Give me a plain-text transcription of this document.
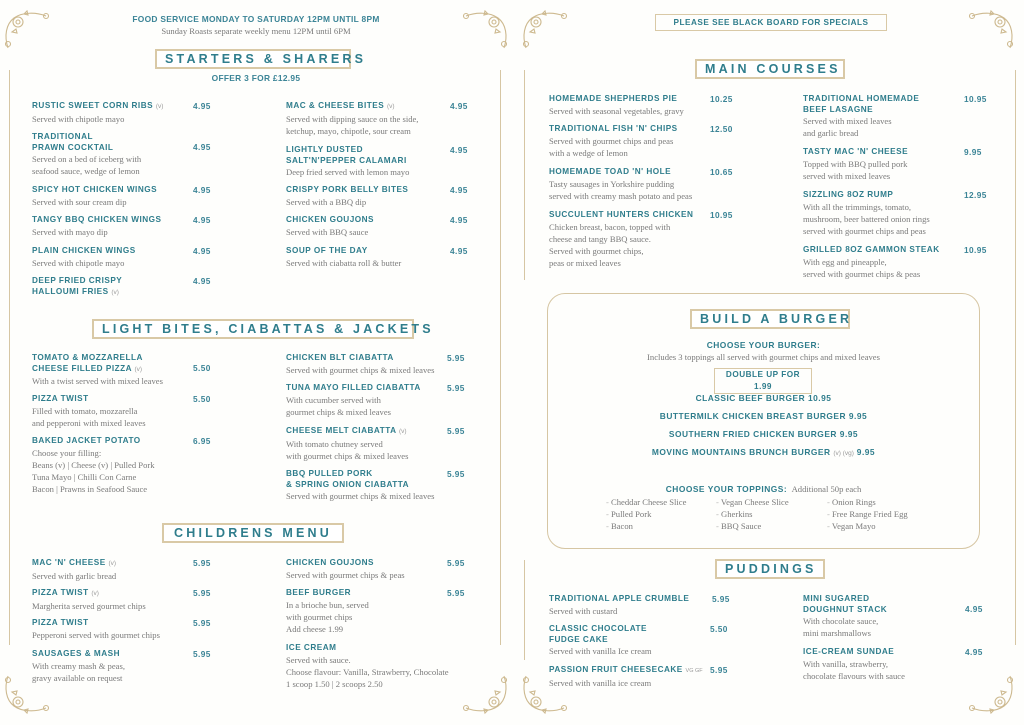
FOOD SERVICE MONDAY TO SATURDAY 12PM UNTIL 8PM
Sunday Roasts separate weekly menu 12PM until 6PM
STARTERS & SHARERS
OFFER 3 FOR £12.95
RUSTIC SWEET CORN RIBS (v)
Served with chipotle mayo
4.95
TRADITIONAL
PRAWN COCKTAIL
Served on a bed of iceberg with
seafood sauce, wedge of lemon
4.95
SPICY HOT CHICKEN WINGS
Served with sour cream dip
4.95
TANGY BBQ CHICKEN WINGS
Served with mayo dip
4.95
PLAIN CHICKEN WINGS
Served with chipotle mayo
4.95
DEEP FRIED CRISPY
HALLOUMI FRIES (v)
4.95
MAC & CHEESE BITES (v)
Served with dipping sauce on the side,
ketchup, mayo, chipotle, sour cream
4.95
LIGHTLY DUSTED
SALT'N'PEPPER CALAMARI
Deep fried served with lemon mayo
4.95
CRISPY PORK BELLY BITES
Served with a BBQ dip
4.95
CHICKEN GOUJONS
Served with BBQ sauce
4.95
SOUP OF THE DAY
Served with ciabatta roll & butter
4.95
LIGHT BITES, CIABATTAS & JACKETS
TOMATO & MOZZARELLA
CHEESE FILLED PIZZA (v)
With a twist served with mixed leaves
5.50
PIZZA TWIST
Filled with tomato, mozzarella
and pepperoni with mixed leaves
5.50
BAKED JACKET POTATO
Choose your filling:
Beans (v) | Cheese (v) | Pulled Pork
Tuna Mayo | Chilli Con Carne
Bacon | Prawns in Seafood Sauce
6.95
CHICKEN BLT CIABATTA
Served with gourmet chips & mixed leaves
5.95
TUNA MAYO FILLED CIABATTA
With cucumber served with
gourmet chips & mixed leaves
5.95
CHEESE MELT CIABATTA (v)
With tomato chutney served
with gourmet chips & mixed leaves
5.95
BBQ PULLED PORK
& SPRING ONION CIABATTA
Served with gourmet chips & mixed leaves
5.95
CHILDRENS MENU
MAC 'N' CHEESE (v)
Served with garlic bread
5.95
PIZZA TWIST (v)
Margherita served gourmet chips
5.95
PIZZA TWIST
Pepperoni served with gourmet chips
5.95
SAUSAGES & MASH
With creamy mash & peas,
gravy available on request
5.95
CHICKEN GOUJONS
Served with gourmet chips & peas
5.95
BEEF BURGER
In a brioche bun, served
with gourmet chips
Add cheese 1.99
5.95
ICE CREAM
Served with sauce.
Choose flavour: Vanilla, Strawberry, Chocolate
1 scoop 1.50 | 2 scoops 2.50
PLEASE SEE BLACK BOARD FOR SPECIALS
MAIN COURSES
HOMEMADE SHEPHERDS PIE
Served with seasonal vegetables, gravy
10.25
TRADITIONAL FISH 'N' CHIPS
Served with gourmet chips and peas
with a wedge of lemon
12.50
HOMEMADE TOAD 'N' HOLE
Tasty sausages in Yorkshire pudding
served with creamy mash potato and peas
10.65
SUCCULENT HUNTERS CHICKEN
Chicken breast, bacon, topped with
cheese and tangy BBQ sauce.
Served with gourmet chips,
peas or mixed leaves
10.95
TRADITIONAL HOMEMADE
BEEF LASAGNE
Served with mixed leaves
and garlic bread
10.95
TASTY MAC 'N' CHEESE
Topped with BBQ pulled pork
served with mixed leaves
9.95
SIZZLING 8OZ RUMP
With all the trimmings, tomato,
mushroom, beer battered onion rings
served with gourmet chips and peas
12.95
GRILLED 8OZ GAMMON STEAK
With egg and pineapple,
served with gourmet chips & peas
10.95
BUILD A BURGER
CHOOSE YOUR BURGER:
Includes 3 toppings all served with gourmet chips and mixed leaves
DOUBLE UP FOR 1.99
CLASSIC BEEF BURGER 10.95
BUTTERMILK CHICKEN BREAST BURGER 9.95
SOUTHERN FRIED CHICKEN BURGER 9.95
MOVING MOUNTAINS BRUNCH BURGER (v) (vg) 9.95
CHOOSE YOUR TOPPINGS: Additional 50p each
- Cheddar Cheese Slice
- Pulled Pork
- Bacon
- Vegan Cheese Slice
- Gherkins
- BBQ Sauce
- Onion Rings
- Free Range Fried Egg
- Vegan Mayo
PUDDINGS
TRADITIONAL APPLE CRUMBLE
Served with custard
5.95
CLASSIC CHOCOLATE
FUDGE CAKE
Served with vanilla Ice cream
5.50
PASSION FRUIT CHEESECAKE VG GF
Served with vanilla ice cream
5.95
MINI SUGARED
DOUGHNUT STACK
With chocolate sauce,
mini marshmallows
4.95
ICE-CREAM SUNDAE
With vanilla, strawberry,
chocolate flavours with sauce
4.95
